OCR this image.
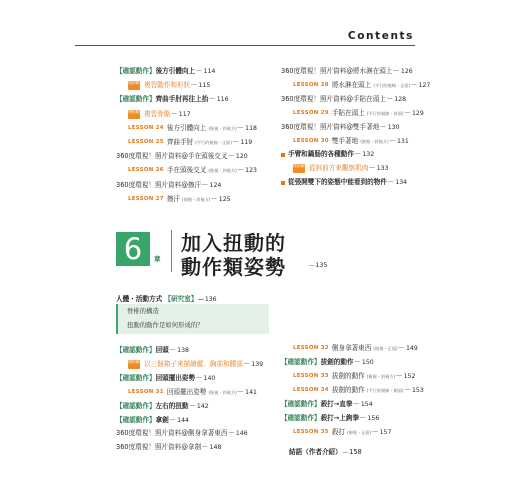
Contents
【確認動作】 後方引體向上 ― 114
運動解剖 複習動作和形狀 ― 115
【確認動作】 齊曲手肘再往上抬 ― 116
運動解剖 複習骨骼 ― 117
LESSON 24 後方引體向上 (俯視・斜視方) ― 118
LESSON 25 齊曲手肘 (平行的視線・正面) ― 119
360度環視！ 照片資料@手在頭後交叉 ― 120
LESSON 26 手在頭後交叉 (俯視・斜視方) ― 123
360度環視！ 照片資料@擦汗 ― 124
LESSON 27 擦汗 (仰視・斜視方) ― 125
360度環視！ 照片資料@將水淋在頭上 ― 126
LESSON 28 將水淋在頭上 (平行的視線・正面) ― 127
360度環視！ 照片資料@手貼在頭上 ― 128
LESSON 29 手貼在頭上 (平行的視線・斜面) ― 129
360度環視！ 照片資料@雙手著地 ― 130
LESSON 30 雙手著地 (俯視・斜視方) ― 131
手臂和鍋肠的各種動作 ― 132
運動解剖 從斜前方來觀察肌肉 ― 133
從張開雙下的姿態中能看到的物件 ― 134
6	章
加入扭動的
動作類姿勢	―135
人體・活動方式 【研究室】―136
脊椎的構造
扭動的動作是如何形成的？
【確認動作】 回頭 ― 138
運動解剖 以三個箱子來描繪縱、胸部和腰部 ― 139
【確認動作】 回頭擺出姿勢 ― 140
LESSON 31 回頭擺出姿勢 (俯視・斜視方) ― 141
【確認動作】 左右的扭動 ― 142
【確認動作】 拿劍 ― 144
360度環視！ 照片資料@側身拿著東西 ― 146
360度環視！ 照片資料@拿劍 ― 148
LESSON 32 側身拿著東西 (俯視・正面) ― 149
【確認動作】 拔劍的動作 ― 150
LESSON 33 拔劍的動作 (俯視・斜視方) ― 152
LESSON 34 拔劍的動作 (平行的視線・側面) ― 153
【確認動作】 殺打→直拳 ― 154
【確認動作】 殺打→上鉤拳 ― 156
LESSON 35 殺打 (俯視・正面) ― 157
結語（作者介紹）―158
